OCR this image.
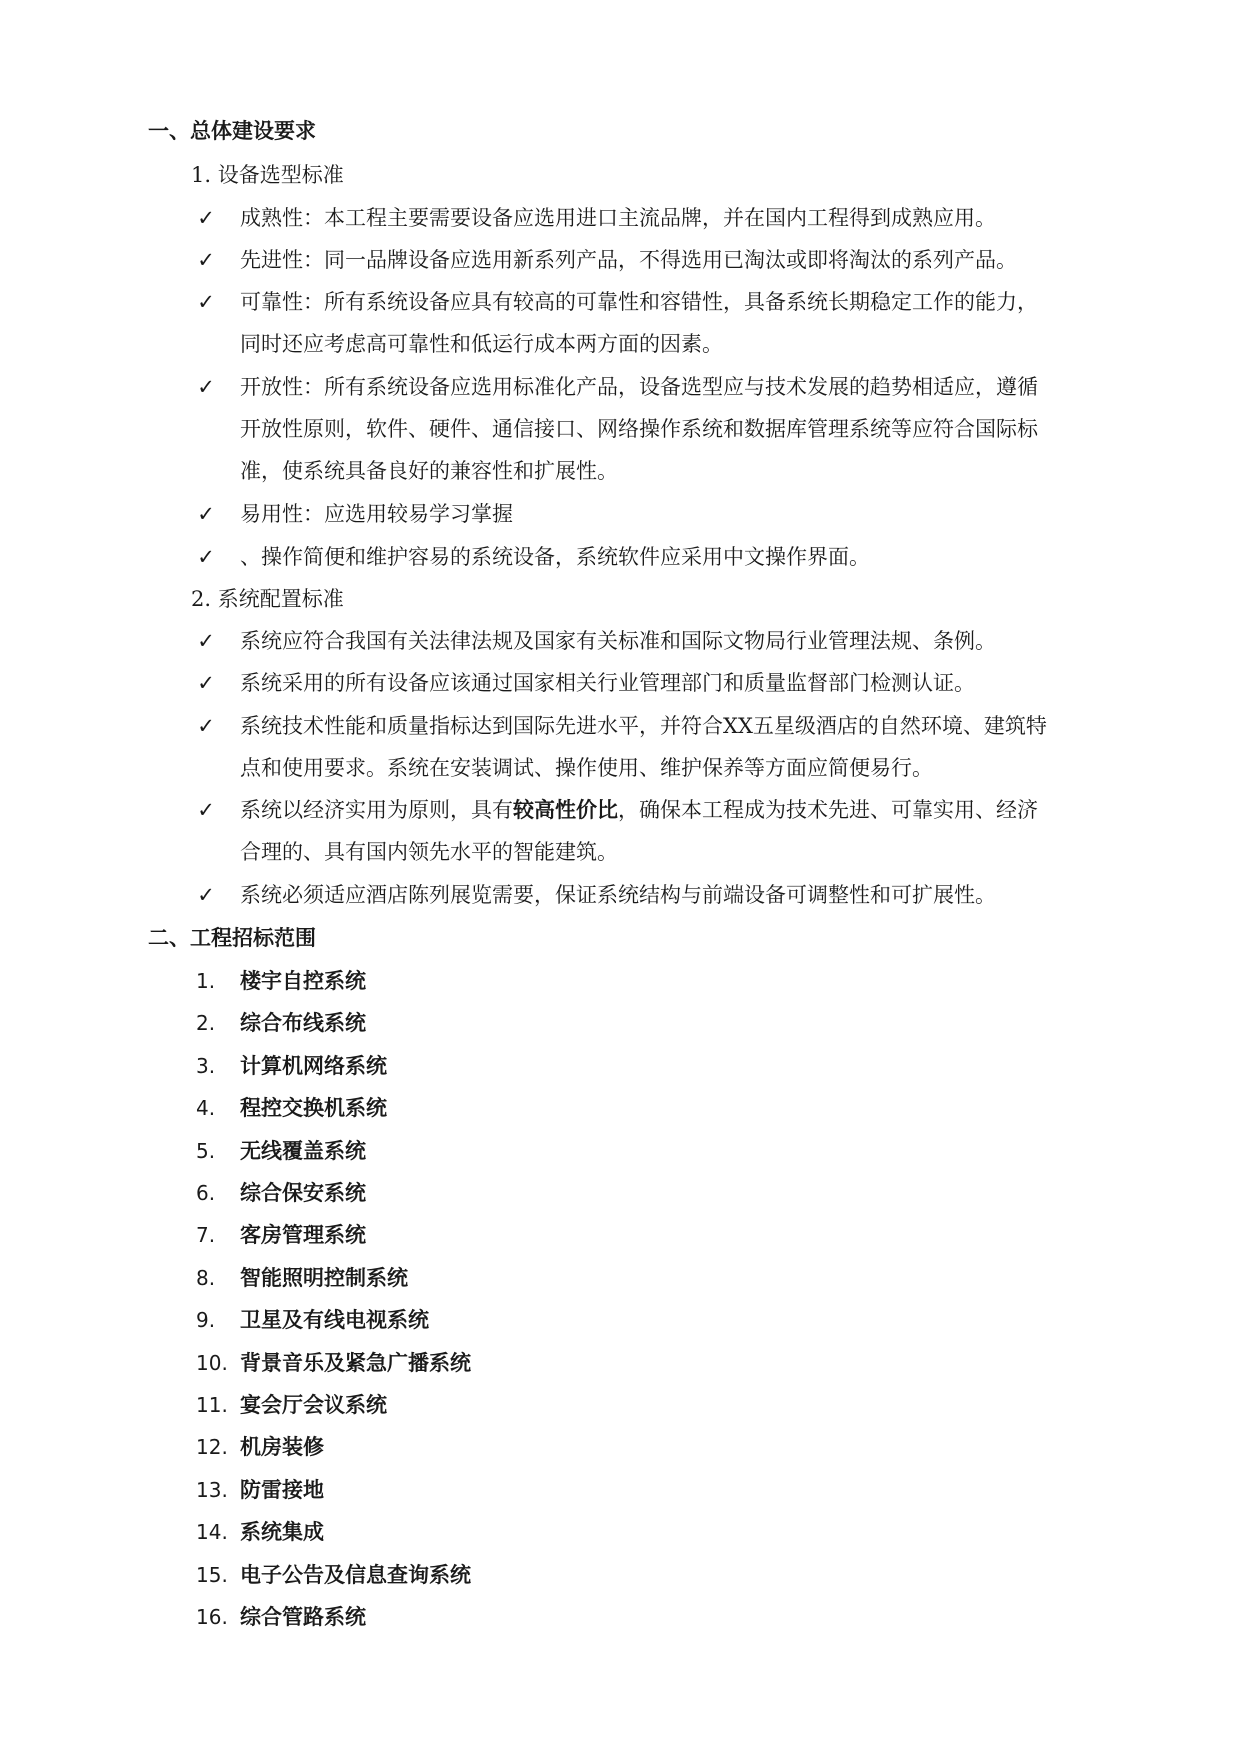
一、总体建设要求
1. 设备选型标准
✓ 成熟性：本工程主要需要设备应选用进口主流品牌，并在国内工程得到成熟应用。
✓ 先进性：同一品牌设备应选用新系列产品，不得选用已淘汰或即将淘汰的系列产品。
✓ 可靠性：所有系统设备应具有较高的可靠性和容错性，具备系统长期稳定工作的能力，
同时还应考虑高可靠性和低运行成本两方面的因素。
✓ 开放性：所有系统设备应选用标准化产品，设备选型应与技术发展的趋势相适应，遵循
开放性原则，软件、硬件、通信接口、网络操作系统和数据库管理系统等应符合国际标
准，使系统具备良好的兼容性和扩展性。
✓ 易用性：应选用较易学习掌握
✓ 、操作简便和维护容易的系统设备，系统软件应采用中文操作界面。
2. 系统配置标准
✓ 系统应符合我国有关法律法规及国家有关标准和国际文物局行业管理法规、条例。
✓ 系统采用的所有设备应该通过国家相关行业管理部门和质量监督部门检测认证。
✓ 系统技术性能和质量指标达到国际先进水平，并符合XX五星级酒店的自然环境、建筑特
点和使用要求。系统在安装调试、操作使用、维护保养等方面应简便易行。
✓ 系统以经济实用为原则，具有较高性价比，确保本工程成为技术先进、可靠实用、经济
合理的、具有国内领先水平的智能建筑。
✓ 系统必须适应酒店陈列展览需要，保证系统结构与前端设备可调整性和可扩展性。
二、工程招标范围
1. 楼宇自控系统
2. 综合布线系统
3. 计算机网络系统
4. 程控交换机系统
5. 无线覆盖系统
6. 综合保安系统
7. 客房管理系统
8. 智能照明控制系统
9. 卫星及有线电视系统
10. 背景音乐及紧急广播系统
11. 宴会厅会议系统
12. 机房装修
13. 防雷接地
14. 系统集成
15. 电子公告及信息查询系统
16. 综合管路系统
